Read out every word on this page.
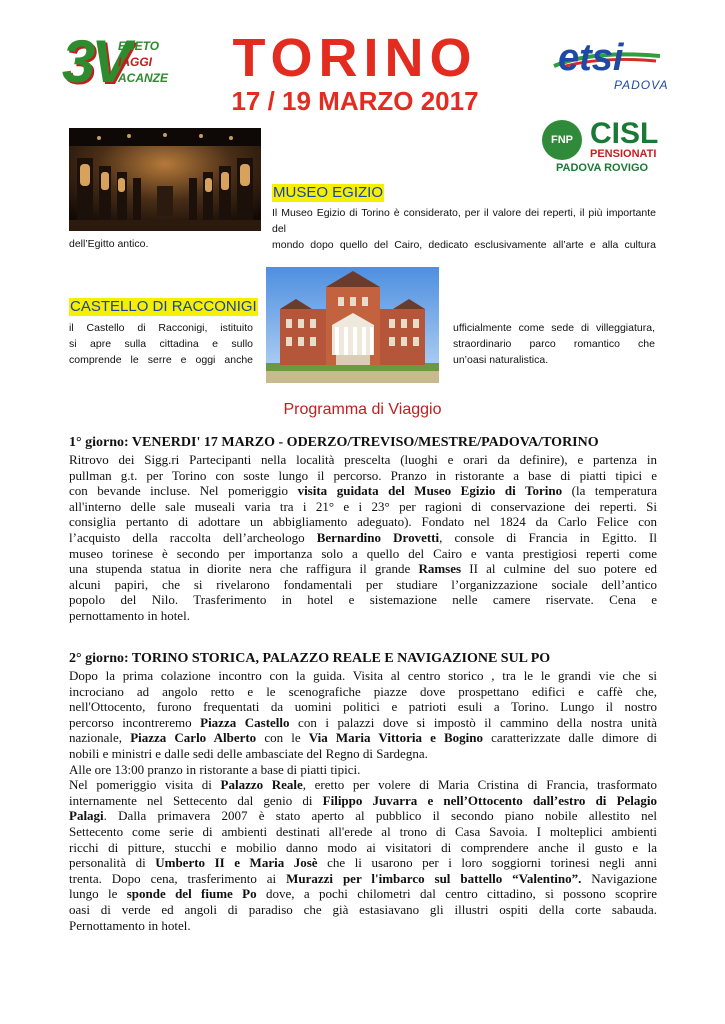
3V
ENETO
IAGGI
ACANZE	TORINO
17 / 19 MARZO 2017
etsi
PADOVA
FNP CISL
PENSIONATI
PADOVA ROVIGO
MUSEO EGIZIO
Il Museo Egizio di Torino è considerato, per il valore dei reperti, il più importante del
mondo dopo quello del Cairo, dedicato esclusivamente all’arte e alla cultura
dell’Egitto antico.
CASTELLO DI RACCONIGI
il Castello di Racconigi, istituito
si apre sulla cittadina e sullo
comprende le serre e oggi anche
ufficialmente come sede di villeggiatura,
straordinario parco romantico che
un’oasi naturalistica.
Programma di Viaggio
1° giorno: VENERDI' 17 MARZO - ODERZO/TREVISO/MESTRE/PADOVA/TORINO
Ritrovo dei Sigg.ri Partecipanti nella località prescelta (luoghi e orari da definire), e partenza in
pullman g.t. per Torino con soste lungo il percorso. Pranzo in ristorante a base di piatti tipici e
con bevande incluse. Nel pomeriggio visita guidata del Museo Egizio di Torino (la temperatura
all'interno delle sale museali varia tra i 21° e i 23° per ragioni di conservazione dei reperti. Si
consiglia pertanto di adottare un abbigliamento adeguato). Fondato nel 1824 da Carlo Felice con
l’acquisto della raccolta dell’archeologo Bernardino Drovetti, console di Francia in Egitto. Il
museo torinese è secondo per importanza solo a quello del Cairo e vanta prestigiosi reperti come
una stupenda statua in diorite nera che raffigura il grande Ramses II al culmine del suo potere ed
alcuni papiri, che si rivelarono fondamentali per studiare l’organizzazione sociale dell’antico
popolo del Nilo. Trasferimento in hotel e sistemazione nelle camere riservate. Cena e
pernottamento in hotel.
2° giorno: TORINO STORICA, PALAZZO REALE E NAVIGAZIONE SUL PO
Dopo la prima colazione incontro con la guida. Visita al centro storico , tra le le grandi vie che si
incrociano ad angolo retto e le scenografiche piazze dove prospettano edifici e caffè che,
nell'Ottocento, furono frequentati da uomini politici e patrioti esuli a Torino. Lungo il nostro
percorso incontreremo Piazza Castello con i palazzi dove si impostò il cammino della nostra unità
nazionale, Piazza Carlo Alberto con le Via Maria Vittoria e Bogino caratterizzate dalle dimore di
nobili e ministri e dalle sedi delle ambasciate del Regno di Sardegna.
Alle ore 13:00 pranzo in ristorante a base di piatti tipici.
Nel pomeriggio visita di Palazzo Reale, eretto per volere di Maria Cristina di Francia, trasformato
internamente nel Settecento dal genio di Filippo Juvarra e nell’Ottocento dall’estro di Pelagio
Palagi. Dalla primavera 2007 è stato aperto al pubblico il secondo piano nobile allestito nel
Settecento come serie di ambienti destinati all'erede al trono di Casa Savoia. I molteplici ambienti
ricchi di pitture, stucchi e mobilio danno modo ai visitatori di comprendere anche il gusto e la
personalità di Umberto II e Maria Josè che li usarono per i loro soggiorni torinesi negli anni
trenta. Dopo cena, trasferimento ai Murazzi per l'imbarco sul battello “Valentino”. Navigazione
lungo le sponde del fiume Po dove, a pochi chilometri dal centro cittadino, si possono scoprire
oasi di verde ed angoli di paradiso che già estasiavano gli illustri ospiti della corte sabauda.
Pernottamento in hotel.
